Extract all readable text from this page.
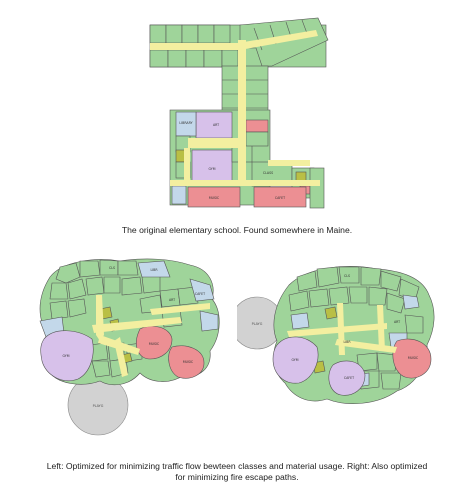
ART
MUSIC
GYM
CAFET
LIBRARY
CLASS
The original elementary school. Found somewhere in Maine.
PLAYG
LIBR
MUSIC
ART
CAFET
GYM
MUSIC
CLS
PLAYG
MUSIC
LIBR
GYM
CAFET
CLS
ART
Left: Optimized for minimizing traffic flow bewteen classes and material usage. Right: Also optimized
for minimizing fire escape paths.
